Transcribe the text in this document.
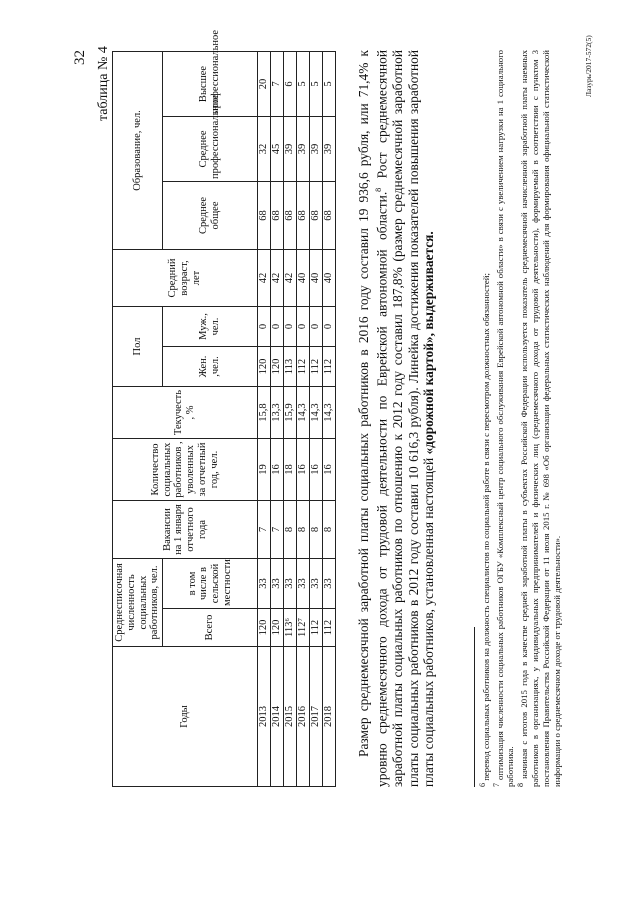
32 таблица № 4
Годы	Среднесписочная численность социальных работников, чел.		Вакансии на 1 января отчетного года	Количество социальных работников , уволенных за отчетный год, чел.	Текучесть , %	Пол		Средний возраст, лет	Образование, чел.		
	Всего	в том числе в сельской местности				Жен. ,чел.	Муж., чел.		Среднее общее	Среднее профессиональное	Высшее профессиональное

2013	120	33	7	19	15,8	120	0	42	68	32	20
2014	120	33	7	16	13,3	120	0	42	68	45	7
2015	113⁶	33	8	18	15,9	113	0	42	68	39	6
2016	112⁷	33	8	16	14,3	112	0	40	68	39	5
2017	112	33	8	16	14,3	112	0	40	68	39	5
2018	112	33	8	16	14,3	112	0	40	68	39	5 Размер среднемесячной заработной платы социальных работников в 2016 году составил 19 936,6 рубля, или 71,4% к уровню среднемесячного дохода от трудовой деятельности по Еврейской автономной области.$^8$ Рост среднемесячной заработной платы социальных работников по отношению к 2012 году составил 187,8% (размер среднемесячной заработной платы социальных работников в 2012 году составил 10 616,3 рубля). Линейка достижения показателей повышения заработной платы социальных работников, установленная настоящей «дорожной картой», выдерживается.

$^6$ перевод социальных работников на должность специалистов по социальной работе в связи с пересмотром должностных обязанностей;

$^7$ оптимизация численности социальных работников ОГБУ «Комплексный центр социального обслуживания Еврейской автономной области» в связи с увеличением нагрузки на 1 социального работника. $^8$ начиная с итогов 2015 года в качестве средней заработной платы в субъектах Российской Федерации используется показатель среднемесячной начисленной заработной платы наемных работников в организациях, у индивидуальных предпринимателей и физических лиц (среднемесячного дохода от трудовой деятельности), формируемый в соответствии с пунктом 3 постановления Правительства Российской Федерации от 11 июля 2015 г. № 698 «Об организации федеральных статистических наблюдений для формирования официальной статистической информации о среднемесячном доходе от трудовой деятельности».

Лазурь/2017-572(5)
